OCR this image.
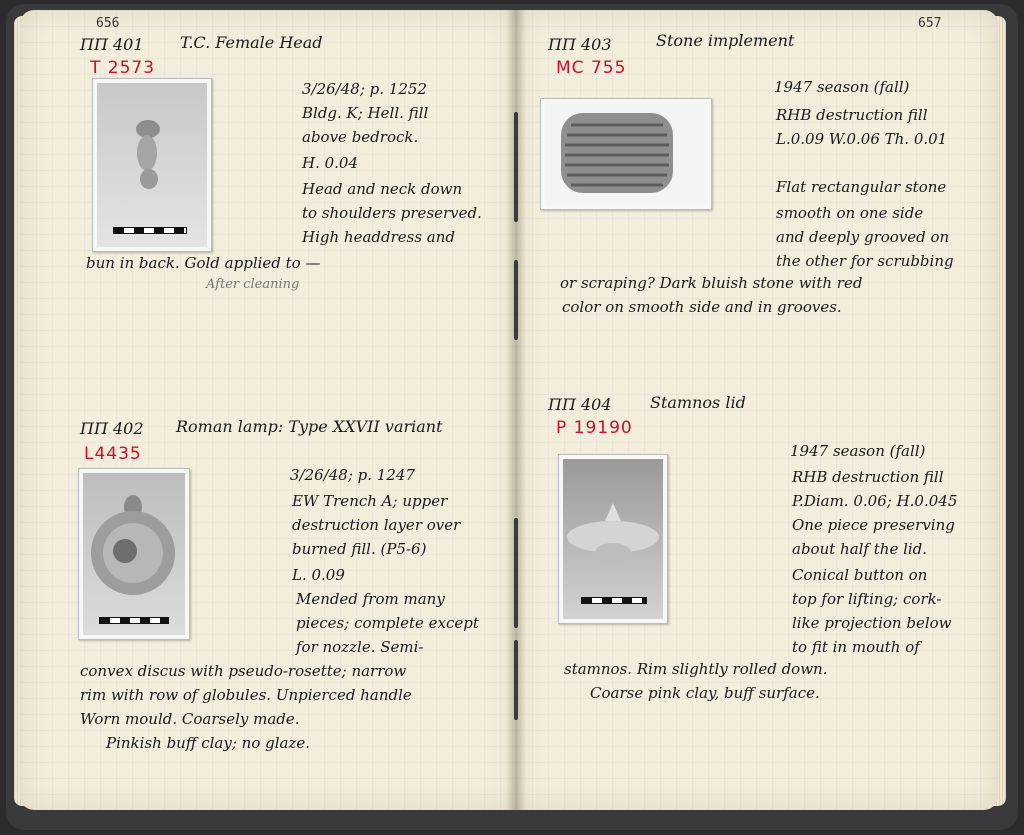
656	657
ΠΠ 401 T.C. Female Head
T 2573
3/26/48; p. 1252
Bldg. K; Hell. fill
above bedrock.
H. 0.04
Head and neck down
to shoulders preserved.
High headdress and
bun in back. Gold applied to —
After cleaning
ΠΠ 402 Roman lamp: Type XXVII variant
L4435
3/26/48; p. 1247
EW Trench A; upper
destruction layer over
burned fill. (P5-6)
L. 0.09
Mended from many
pieces; complete except
for nozzle. Semi-
convex discus with pseudo-rosette; narrow
rim with row of globules. Unpierced handle
Worn mould. Coarsely made.
Pinkish buff clay; no glaze.
ΠΠ 403	Stone implement
MC 755
1947 season (fall)
RHB destruction fill
L.0.09 W.0.06 Th. 0.01
Flat rectangular stone
smooth on one side
and deeply grooved on
the other for scrubbing
or scraping? Dark bluish stone with red
color on smooth side and in grooves.
ΠΠ 404 Stamnos lid
P 19190
1947 season (fall)
RHB destruction fill
P.Diam. 0.06; H.0.045
One piece preserving
about half the lid.
Conical button on
top for lifting; cork-
like projection below
to fit in mouth of
stamnos. Rim slightly rolled down.
Coarse pink clay, buff surface.
